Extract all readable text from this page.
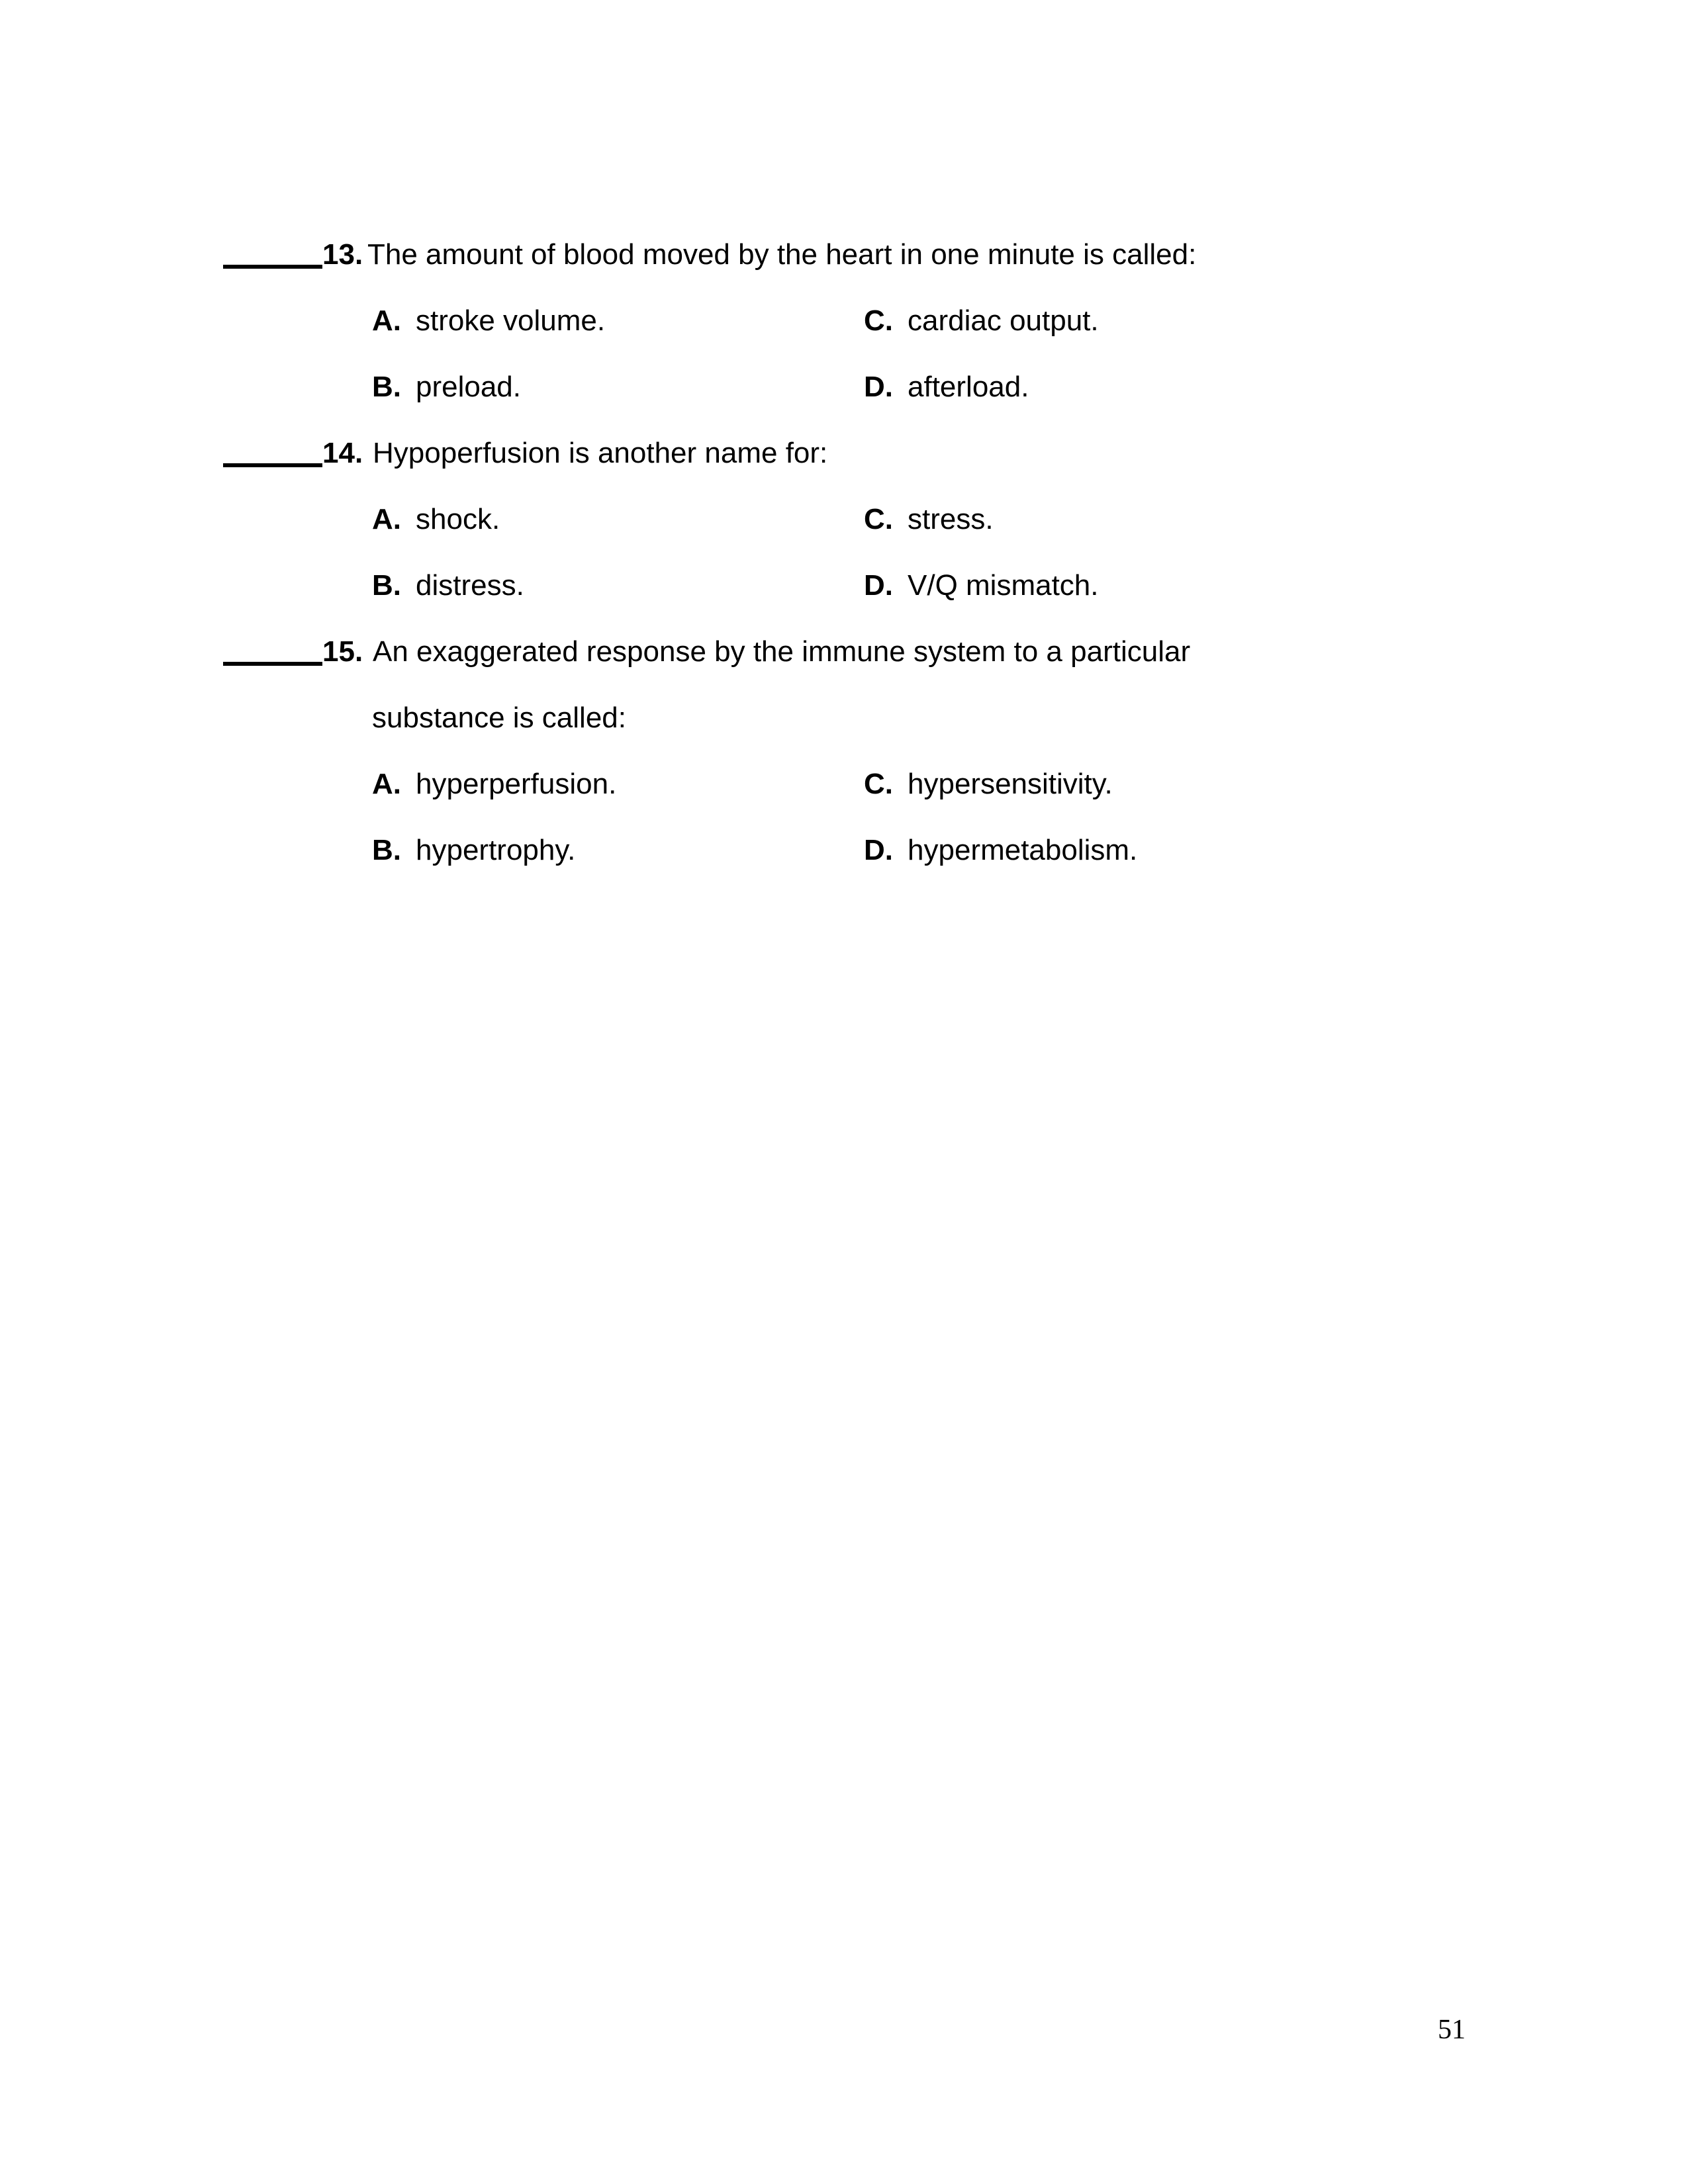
13. The amount of blood moved by the heart in one minute is called:
A. stroke volume.	C. cardiac output.
B. preload.	D. afterload.
14. Hypoperfusion is another name for:
A. shock.	C. stress.
B. distress.	D. V/Q mismatch.
15. An exaggerated response by the immune system to a particular
substance is called:
A. hyperperfusion.	C. hypersensitivity.
B. hypertrophy.	D. hypermetabolism.
51
